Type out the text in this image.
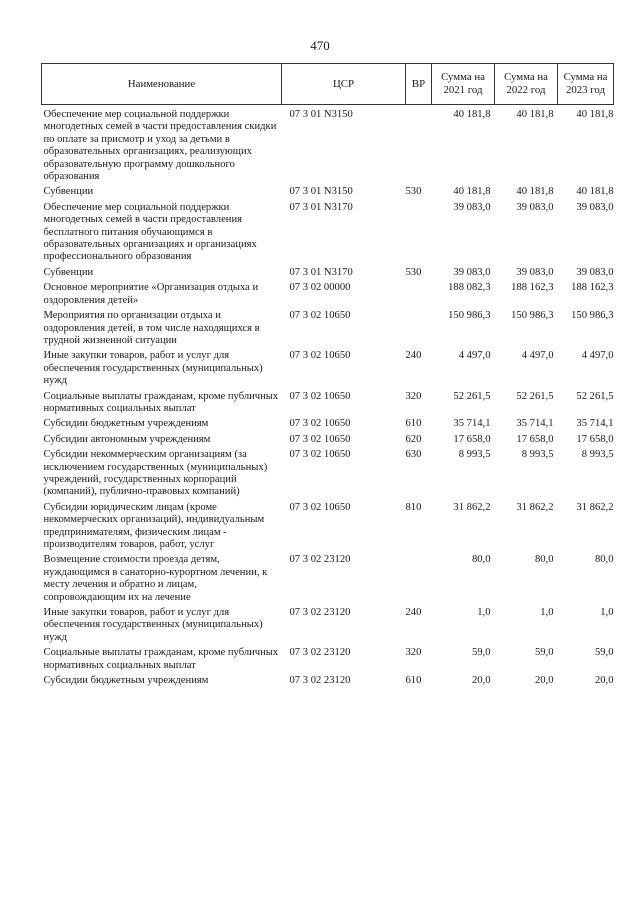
470
Наименование	ЦСР	ВР	Сумма на 2021 год	Сумма на 2022 год	Сумма на 2023 год
Обеспечение мер социальной поддержки многодетных семей в части предоставления скидки по оплате за присмотр и уход за детьми в образовательных организациях, реализующих образовательную программу дошкольного образования	07 3 01 N3150		40 181,8	40 181,8	40 181,8
Субвенции	07 3 01 N3150	530	40 181,8	40 181,8	40 181,8
Обеспечение мер социальной поддержки многодетных семей в части предоставления бесплатного питания обучающимся в образовательных организациях и организациях профессионального образования	07 3 01 N3170		39 083,0	39 083,0	39 083,0
Субвенции	07 3 01 N3170	530	39 083,0	39 083,0	39 083,0
Основное мероприятие «Организация отдыха и оздоровления детей»	07 3 02 00000		188 082,3	188 162,3	188 162,3
Мероприятия по организации отдыха и оздоровления детей, в том числе находящихся в трудной жизненной ситуации	07 3 02 10650		150 986,3	150 986,3	150 986,3
Иные закупки товаров, работ и услуг для обеспечения государственных (муниципальных) нужд	07 3 02 10650	240	4 497,0	4 497,0	4 497,0
Социальные выплаты гражданам, кроме публичных нормативных социальных выплат	07 3 02 10650	320	52 261,5	52 261,5	52 261,5
Субсидии бюджетным учреждениям	07 3 02 10650	610	35 714,1	35 714,1	35 714,1
Субсидии автономным учреждениям	07 3 02 10650	620	17 658,0	17 658,0	17 658,0
Субсидии некоммерческим организациям (за исключением государственных (муниципальных) учреждений, государственных корпораций (компаний), публично-правовых компаний)	07 3 02 10650	630	8 993,5	8 993,5	8 993,5
Субсидии юридическим лицам (кроме некоммерческих организаций), индивидуальным предпринимателям, физическим лицам - производителям товаров, работ, услуг	07 3 02 10650	810	31 862,2	31 862,2	31 862,2
Возмещение стоимости проезда детям, нуждающимся в санаторно-курортном лечении, к месту лечения и обратно и лицам, сопровождающим их на лечение	07 3 02 23120		80,0	80,0	80,0
Иные закупки товаров, работ и услуг для обеспечения государственных (муниципальных) нужд	07 3 02 23120	240	1,0	1,0	1,0
Социальные выплаты гражданам, кроме публичных нормативных социальных выплат	07 3 02 23120	320	59,0	59,0	59,0
Субсидии бюджетным учреждениям	07 3 02 23120	610	20,0	20,0	20,0
